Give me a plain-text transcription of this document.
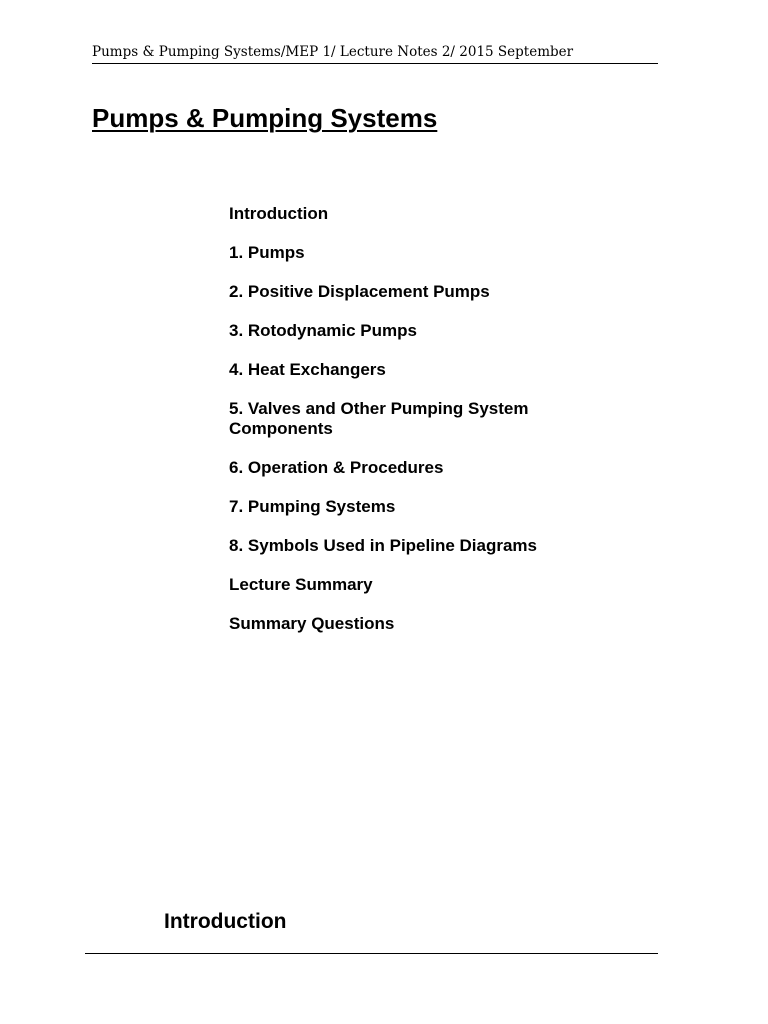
Pumps & Pumping Systems/MEP 1/ Lecture Notes 2/ 2015 September
Pumps & Pumping Systems
Introduction
1. Pumps
2. Positive Displacement Pumps
3. Rotodynamic Pumps
4. Heat Exchangers
5. Valves and Other Pumping System Components
6. Operation & Procedures
7. Pumping Systems
8. Symbols Used in Pipeline Diagrams
Lecture Summary
Summary Questions
Introduction
